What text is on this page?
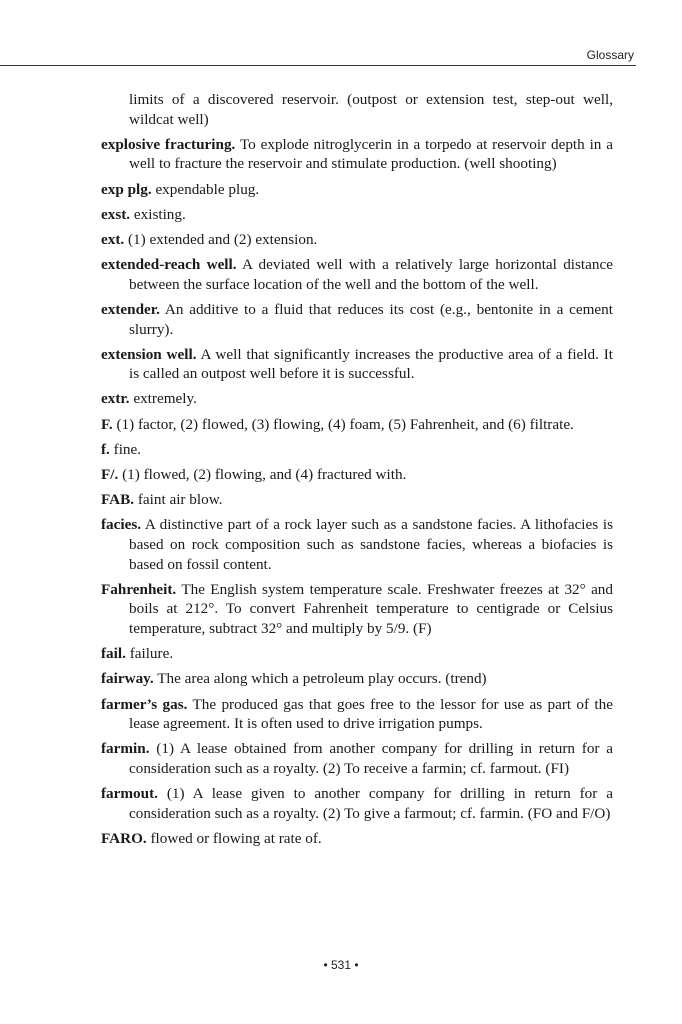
Glossary
limits of a discovered reservoir. (outpost or extension test, step-out well, wildcat well)
explosive fracturing. To explode nitroglycerin in a torpedo at reservoir depth in a well to fracture the reservoir and stimulate production. (well shooting)
exp plg. expendable plug.
exst. existing.
ext. (1) extended and (2) extension.
extended-reach well. A deviated well with a relatively large horizontal distance between the surface location of the well and the bottom of the well.
extender. An additive to a fluid that reduces its cost (e.g., bentonite in a cement slurry).
extension well. A well that significantly increases the productive area of a field. It is called an outpost well before it is successful.
extr. extremely.
F. (1) factor, (2) flowed, (3) flowing, (4) foam, (5) Fahrenheit, and (6) filtrate.
f. fine.
F/. (1) flowed, (2) flowing, and (4) fractured with.
FAB. faint air blow.
facies. A distinctive part of a rock layer such as a sandstone facies. A lithofacies is based on rock composition such as sandstone facies, whereas a biofacies is based on fossil content.
Fahrenheit. The English system temperature scale. Freshwater freezes at 32° and boils at 212°. To convert Fahrenheit temperature to centigrade or Celsius temperature, subtract 32° and multiply by 5/9. (F)
fail. failure.
fairway. The area along which a petroleum play occurs. (trend)
farmer’s gas. The produced gas that goes free to the lessor for use as part of the lease agreement. It is often used to drive irrigation pumps.
farmin. (1) A lease obtained from another company for drilling in return for a consideration such as a royalty. (2) To receive a farmin; cf. farmout. (FI)
farmout. (1) A lease given to another company for drilling in return for a consideration such as a royalty. (2) To give a farmout; cf. farmin. (FO and F/O)
FARO. flowed or flowing at rate of.
• 531 •
